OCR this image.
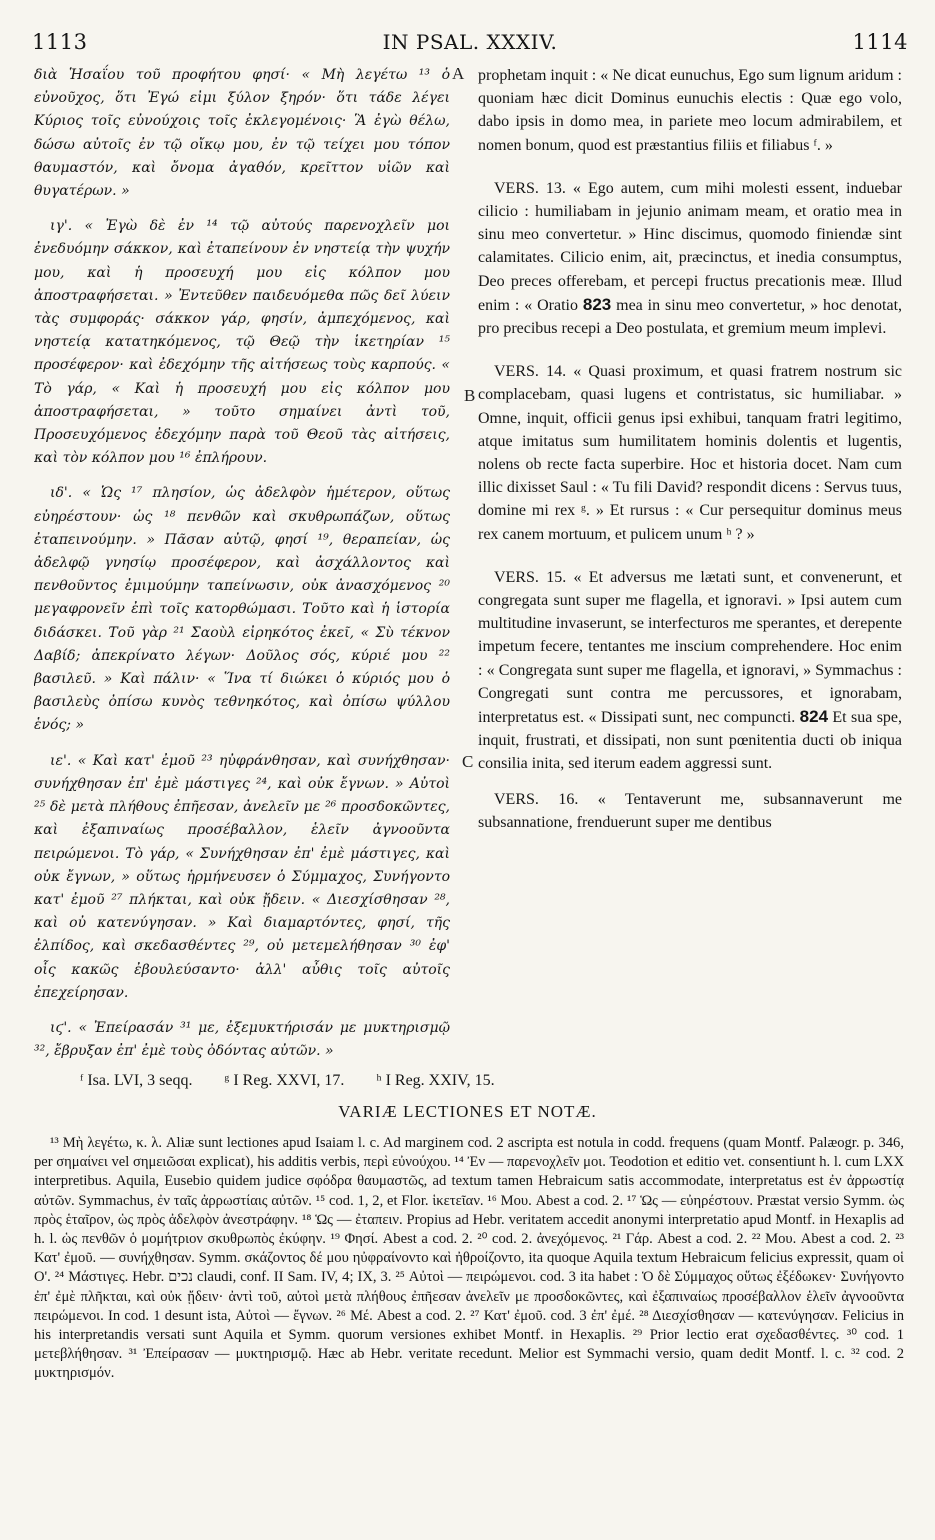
1113	IN PSAL. XXXIV.	1114
A
B
C

διὰ Ἡσαΐου τοῦ προφήτου φησί· « Μὴ λεγέτω ¹³ ὁ εὐνοῦχος, ὅτι Ἐγώ εἰμι ξύλον ξηρόν· ὅτι τάδε λέγει Κύριος τοῖς εὐνούχοις τοῖς ἐκλεγομένοις· Ἃ ἐγὼ θέλω, δώσω αὐτοῖς ἐν τῷ οἴκῳ μου, ἐν τῷ τείχει μου τόπον θαυμαστόν, καὶ ὄνομα ἀγαθόν, κρεῖττον υἱῶν καὶ θυγατέρων. »

ιγ'. « Ἐγὼ δὲ ἐν ¹⁴ τῷ αὐτούς παρενοχλεῖν μοι ἐνεδυόμην σάκκον, καὶ ἐταπείνουν ἐν νηστείᾳ τὴν ψυχήν μου, καὶ ἡ προσευχή μου εἰς κόλπον μου ἀποστραφήσεται. » Ἐντεῦθεν παιδευόμεθα πῶς δεῖ λύειν τὰς συμφοράς· σάκκον γάρ, φησίν, ἀμπεχόμενος, καὶ νηστείᾳ κατατηκόμενος, τῷ Θεῷ τὴν ἱκετηρίαν ¹⁵ προσέφερον· καὶ ἐδεχόμην τῆς αἰτήσεως τοὺς καρπούς. « Τὸ γάρ, « Καὶ ἡ προσευχή μου εἰς κόλπον μου ἀποστραφήσεται, » τοῦτο σημαίνει ἀντὶ τοῦ, Προσευχόμενος ἐδεχόμην παρὰ τοῦ Θεοῦ τὰς αἰτήσεις, καὶ τὸν κόλπον μου ¹⁶ ἐπλήρουν.

ιδ'. « Ὡς ¹⁷ πλησίον, ὡς ἀδελφὸν ἡμέτερον, οὕτως εὐηρέστουν· ὡς ¹⁸ πενθῶν καὶ σκυθρωπάζων, οὕτως ἐταπεινούμην. » Πᾶσαν αὐτῷ, φησί ¹⁹, θεραπείαν, ὡς ἀδελφῷ γνησίῳ προσέφερον, καὶ ἀσχάλλοντος καὶ πενθοῦντος ἐμιμούμην ταπείνωσιν, οὐκ ἀνασχόμενος ²⁰ μεγαφρονεῖν ἐπὶ τοῖς κατορθώμασι. Τοῦτο καὶ ἡ ἱστορία διδάσκει. Τοῦ γὰρ ²¹ Σαοὺλ εἰρηκότος ἐκεῖ, « Σὺ τέκνον Δαβίδ; ἀπεκρίνατο λέγων· Δοῦλος σός, κύριέ μου ²² βασιλεῦ. » Καὶ πάλιν· « Ἵνα τί διώκει ὁ κύριός μου ὁ βασιλεὺς ὀπίσω κυνὸς τεθνηκότος, καὶ ὀπίσω ψύλλου ἑνός; »

ιε'. « Καὶ κατ' ἐμοῦ ²³ ηὐφράνθησαν, καὶ συνήχθησαν· συνήχθησαν ἐπ' ἐμὲ μάστιγες ²⁴, καὶ οὐκ ἔγνων. » Αὐτοὶ ²⁵ δὲ μετὰ πλήθους ἐπῆεσαν, ἀνελεῖν με ²⁶ προσδοκῶντες, καὶ ἐξαπιναίως προσέβαλλον, ἑλεῖν ἀγνοοῦντα πειρώμενοι. Τὸ γάρ, « Συνήχθησαν ἐπ' ἐμὲ μάστιγες, καὶ οὐκ ἔγνων, » οὕτως ἡρμήνευσεν ὁ Σύμμαχος, Συνήγοντο κατ' ἐμοῦ ²⁷ πλήκται, καὶ οὐκ ᾔδειν. « Διεσχίσθησαν ²⁸, καὶ οὐ κατενύγησαν. » Καὶ διαμαρτόντες, φησί, τῆς ἐλπίδος, καὶ σκεδασθέντες ²⁹, οὐ μετεμελήθησαν ³⁰ ἐφ' οἷς κακῶς ἐβουλεύσαντο· ἀλλ' αὖθις τοῖς αὐτοῖς ἐπεχείρησαν.

ιϛ'. « Ἐπείρασάν ³¹ με, ἐξεμυκτήρισάν με μυκτηρισμῷ ³², ἔβρυξαν ἐπ' ἐμὲ τοὺς ὀδόντας αὐτῶν. »

prophetam inquit : « Ne dicat eunuchus, Ego sum lignum aridum : quoniam hæc dicit Dominus eunuchis electis : Quæ ego volo, dabo ipsis in domo mea, in pariete meo locum admirabilem, et nomen bonum, quod est præstantius filiis et filiabus ᶠ. »

VERS. 13. « Ego autem, cum mihi molesti essent, induebar cilicio : humiliabam in jejunio animam meam, et oratio mea in sinu meo convertetur. » Hinc discimus, quomodo finiendæ sint calamitates. Cilicio enim, ait, præcinctus, et inedia consumptus, Deo preces offerebam, et percepi fructus precationis meæ. Illud enim : « Oratio 823 mea in sinu meo convertetur, » hoc denotat, pro precibus recepi a Deo postulata, et gremium meum implevi.

VERS. 14. « Quasi proximum, et quasi fratrem nostrum sic complacebam, quasi lugens et contristatus, sic humiliabar. » Omne, inquit, officii genus ipsi exhibui, tanquam fratri legitimo, atque imitatus sum humilitatem hominis dolentis et lugentis, nolens ob recte facta superbire. Hoc et historia docet. Nam cum illic dixisset Saul : « Tu fili David? respondit dicens : Servus tuus, domine mi rex ᵍ. » Et rursus : « Cur persequitur dominus meus rex canem mortuum, et pulicem unum ʰ ? »

VERS. 15. « Et adversus me lætati sunt, et convenerunt, et congregata sunt super me flagella, et ignoravi. » Ipsi autem cum multitudine invaserunt, se interfecturos me sperantes, et derepente impetum fecere, tentantes me inscium comprehendere. Hoc enim : « Congregata sunt super me flagella, et ignoravi, » Symmachus : Congregati sunt contra me percussores, et ignorabam, interpretatus est. « Dissipati sunt, nec compuncti. 824 Et sua spe, inquit, frustrati, et dissipati, non sunt pœnitentia ducti ob iniqua consilia inita, sed iterum eadem aggressi sunt.

VERS. 16. « Tentaverunt me, subsannaverunt me subsannatione, frenduerunt super me dentibus

ᶠ Isa. LVI, 3 seqq. ᵍ I Reg. XXVI, 17. ʰ I Reg. XXIV, 15.
VARIÆ LECTIONES ET NOTÆ.

¹³ Μὴ λεγέτω, κ. λ. Aliæ sunt lectiones apud Isaiam l. c. Ad marginem cod. 2 ascripta est notula in codd. frequens (quam Montf. Palæogr. p. 346, per σημαίνει vel σημειῶσαι explicat), his additis verbis, περὶ εὐνούχου. ¹⁴ Ἐν — παρενοχλεῖν μοι. Teodotion et editio vet. consentiunt h. l. cum LXX interpretibus. Aquila, Eusebio quidem judice σφόδρα θαυμαστῶς, ad textum tamen Hebraicum satis accommodate, interpretatus est ἐν ἀρρωστίᾳ αὐτῶν. Symmachus, ἐν ταῖς ἀρρωστίαις αὐτῶν. ¹⁵ cod. 1, 2, et Flor. ἱκετεῖαν. ¹⁶ Μου. Abest a cod. 2. ¹⁷ Ὡς — εὐηρέστουν. Præstat versio Symm. ὡς πρὸς ἑταῖρον, ὡς πρὸς ἀδελφὸν ἀνεστράφην. ¹⁸ Ὡς — ἐταπειν. Propius ad Hebr. veritatem accedit anonymi interpretatio apud Montf. in Hexaplis ad h. l. ὡς πενθῶν ὁ μομήτριον σκυθρωπὸς ἐκύφην. ¹⁹ Φησί. Abest a cod. 2. ²⁰ cod. 2. ἀνεχόμενος. ²¹ Γάρ. Abest a cod. 2. ²² Μου. Abest a cod. 2. ²³ Κατ' ἐμοῦ. — συνήχθησαν. Symm. σκάζοντος δέ μου ηὐφραίνοντο καὶ ἠθροίζοντο, ita quoque Aquila textum Hebraicum felicius expressit, quam οἱ Ο'. ²⁴ Μάστιγες. Hebr. נכים claudi, conf. II Sam. IV, 4; IX, 3. ²⁵ Αὐτοὶ — πειρώμενοι. cod. 3 ita habet : Ὁ δὲ Σύμμαχος οὕτως ἐξέδωκεν· Συνήγοντο ἐπ' ἐμὲ πλῆκται, καὶ οὐκ ᾔδειν· ἀντὶ τοῦ, αὐτοὶ μετὰ πλήθους ἐπῆεσαν ἀνελεῖν με προσδοκῶντες, καὶ ἐξαπιναίως προσέβαλλον ἑλεῖν ἀγνοοῦντα πειρώμενοι. In cod. 1 desunt ista, Αὐτοὶ — ἔγνων. ²⁶ Μέ. Abest a cod. 2. ²⁷ Κατ' ἐμοῦ. cod. 3 ἐπ' ἐμέ. ²⁸ Διεσχίσθησαν — κατενύγησαν. Felicius in his interpretandis versati sunt Aquila et Symm. quorum versiones exhibet Montf. in Hexaplis. ²⁹ Prior lectio erat σχεδασθέντες. ³⁰ cod. 1 μετεβλήθησαν. ³¹ Ἐπείρασαν — μυκτηρισμῷ. Hæc ab Hebr. veritate recedunt. Melior est Symmachi versio, quam dedit Montf. l. c. ³² cod. 2 μυκτηρισμόν.
